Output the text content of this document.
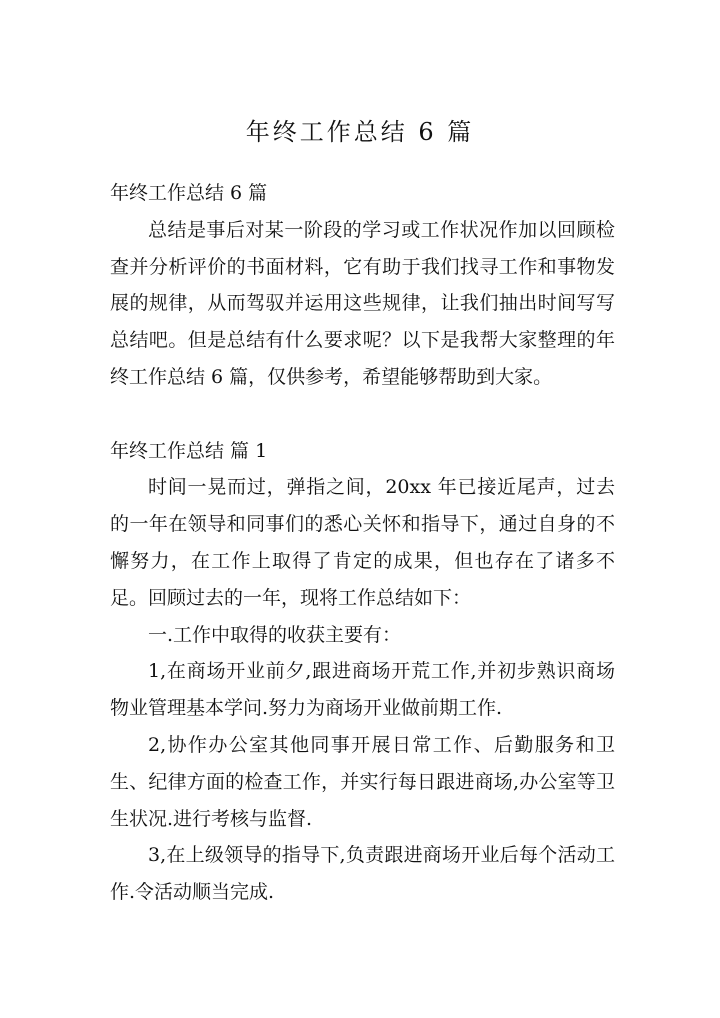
年终工作总结 6 篇

年终工作总结 6 篇

总结是事后对某一阶段的学习或工作状况作加以回顾检查并分析评价的书面材料，它有助于我们找寻工作和事物发展的规律，从而驾驭并运用这些规律，让我们抽出时间写写总结吧。但是总结有什么要求呢？以下是我帮大家整理的年终工作总结 6 篇，仅供参考，希望能够帮助到大家。

年终工作总结 篇 1

时间一晃而过，弹指之间，20xx 年已接近尾声，过去的一年在领导和同事们的悉心关怀和指导下，通过自身的不懈努力，在工作上取得了肯定的成果，但也存在了诸多不足。回顾过去的一年，现将工作总结如下：

一.工作中取得的收获主要有：

1,在商场开业前夕,跟进商场开荒工作,并初步熟识商场物业管理基本学问.努力为商场开业做前期工作.

2,协作办公室其他同事开展日常工作、后勤服务和卫生、纪律方面的检查工作，并实行每日跟进商场,办公室等卫生状况.进行考核与监督.

3,在上级领导的指导下,负责跟进商场开业后每个活动工作.令活动顺当完成.
